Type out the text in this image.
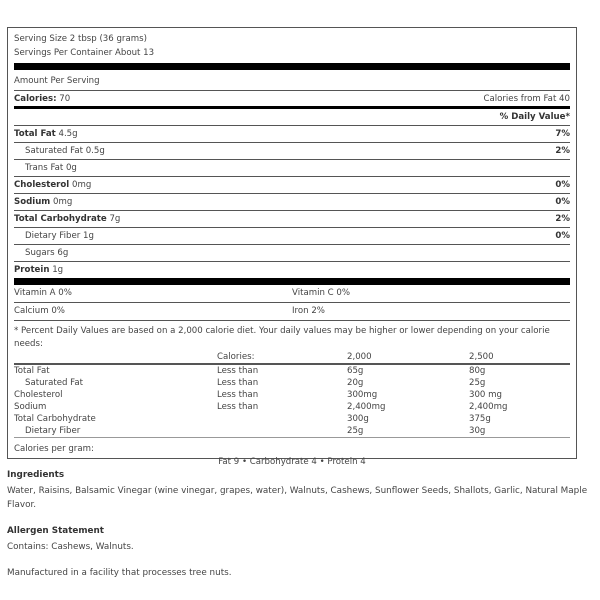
Serving Size 2 tbsp (36 grams)
Servings Per Container About 13
Amount Per Serving
Calories: 70	Calories from Fat 40
% Daily Value*
Total Fat 4.5g	7%
Saturated Fat 0.5g	2%
Trans Fat 0g
Cholesterol 0mg	0%
Sodium 0mg	0%
Total Carbohydrate 7g	2%
Dietary Fiber 1g	0%
Sugars 6g
Protein 1g
Vitamin A 0%	Vitamin C 0%
Calcium 0%	Iron 2%
* Percent Daily Values are based on a 2,000 calorie diet. Your daily values may be higher or lower depending on your calorie needs:
	Calories:	2,000	2,500
Total Fat	Less than	65g	80g
Saturated Fat	Less than	20g	25g
Cholesterol	Less than	300mg	300 mg
Sodium	Less than	2,400mg	2,400mg
Total Carbohydrate		300g	375g
Dietary Fiber		25g	30g
Calories per gram:
Fat 9 • Carbohydrate 4 • Protein 4
Ingredients

Water, Raisins, Balsamic Vinegar (wine vinegar, grapes, water), Walnuts, Cashews, Sunflower Seeds, Shallots, Garlic, Natural Maple Flavor.

Allergen Statement

Contains: Cashews, Walnuts.

Manufactured in a facility that processes tree nuts.
